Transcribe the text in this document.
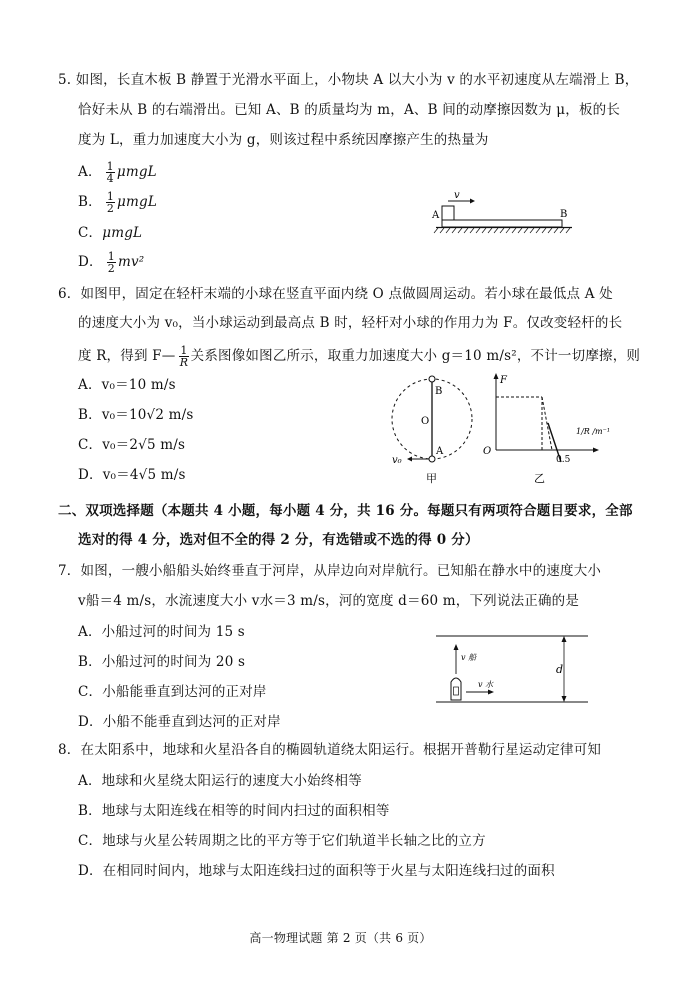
5. 如图，长直木板 B 静置于光滑水平面上，小物块 A 以大小为 v 的水平初速度从左端滑上 B，
恰好未从 B 的右端滑出。已知 A、B 的质量均为 m，A、B 间的动摩擦因数为 μ，板的长
度为 L，重力加速度大小为 g，则该过程中系统因摩擦产生的热量为
A． $\frac{1}{4}$ μmgL
B． $\frac{1}{2}$ μmgL
C．μmgL
D． $\frac{1}{2} mv^2$
v
A	B
6．如图甲，固定在轻杆末端的小球在竖直平面内绕 O 点做圆周运动。若小球在最低点 A 处
的速度大小为 v₀，当小球运动到最高点 B 时，轻杆对小球的作用力为 F。仅改变轻杆的长
度 R，得到 F— $\frac{1}{R}$ 关系图像如图乙所示，取重力加速度大小 g＝10 m/s²，不计一切摩擦，则
A．v₀＝10 m/s
B．v₀＝10√2 m/s
C．v₀＝2√5 m/s
D．v₀＝4√5 m/s
B
O
A
v₀
甲
F
O
1/R /m⁻¹
0.5
乙
二、双项选择题（本题共 4 小题，每小题 4 分，共 16 分。每题只有两项符合题目要求，全部
选对的得 4 分，选对但不全的得 2 分，有选错或不选的得 0 分）
7．如图，一艘小船船头始终垂直于河岸，从岸边向对岸航行。已知船在静水中的速度大小
v船＝4 m/s，水流速度大小 v水＝3 m/s，河的宽度 d＝60 m，下列说法正确的是
A．小船过河的时间为 15 s
B．小船过河的时间为 20 s
C．小船能垂直到达河的正对岸
D．小船不能垂直到达河的正对岸
d
v 船
v 水
8．在太阳系中，地球和火星沿各自的椭圆轨道绕太阳运行。根据开普勒行星运动定律可知
A．地球和火星绕太阳运行的速度大小始终相等
B．地球与太阳连线在相等的时间内扫过的面积相等
C．地球与火星公转周期之比的平方等于它们轨道半长轴之比的立方
D．在相同时间内，地球与太阳连线扫过的面积等于火星与太阳连线扫过的面积
高一物理试题 第 2 页（共 6 页）
